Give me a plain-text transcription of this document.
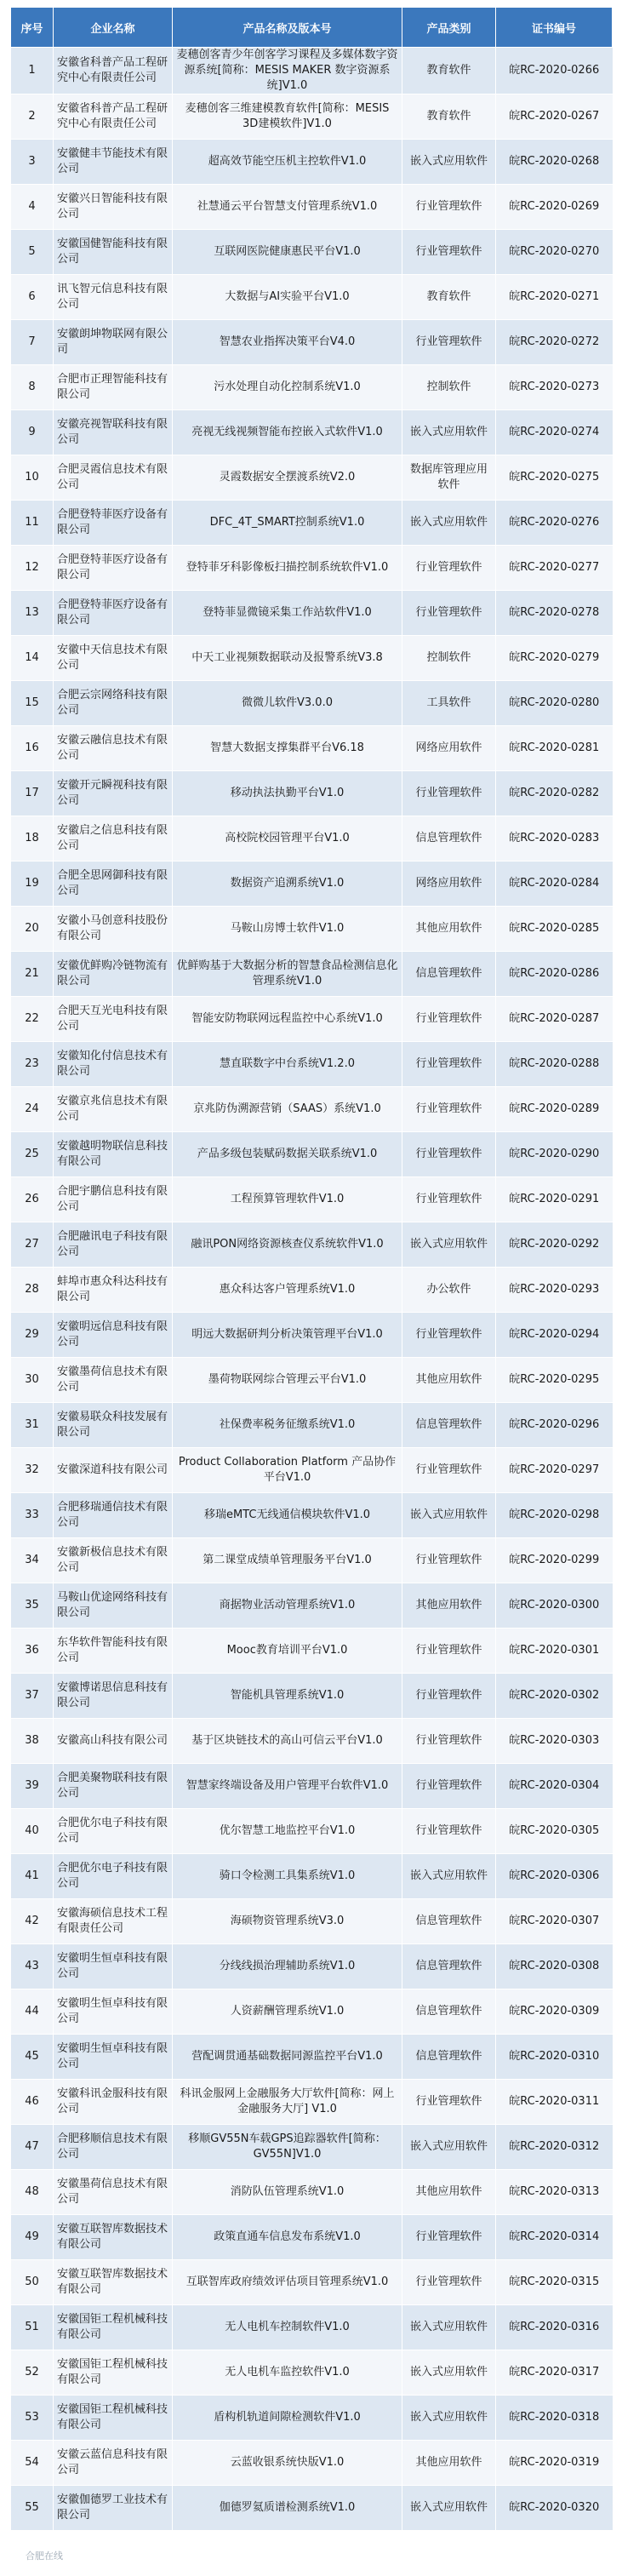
序号	企业名称	产品名称及版本号	产品类别	证书编号
1	安徽省科普产品工程研究中心有限责任公司	麦穗创客青少年创客学习课程及多媒体数字资源系统[简称：MESIS MAKER 数字资源系统]V1.0	教育软件	皖RC-2020-0266
2	安徽省科普产品工程研究中心有限责任公司	麦穗创客三维建模教育软件[简称：MESIS 3D建模软件]V1.0	教育软件	皖RC-2020-0267
3	安徽健丰节能技术有限公司	超高效节能空压机主控软件V1.0	嵌入式应用软件	皖RC-2020-0268
4	安徽兴日智能科技有限公司	社慧通云平台智慧支付管理系统V1.0	行业管理软件	皖RC-2020-0269
5	安徽国健智能科技有限公司	互联网医院健康惠民平台V1.0	行业管理软件	皖RC-2020-0270
6	讯飞智元信息科技有限公司	大数据与AI实验平台V1.0	教育软件	皖RC-2020-0271
7	安徽朗坤物联网有限公司	智慧农业指挥决策平台V4.0	行业管理软件	皖RC-2020-0272
8	合肥市正理智能科技有限公司	污水处理自动化控制系统V1.0	控制软件	皖RC-2020-0273
9	安徽亮视智联科技有限公司	亮视无线视频智能布控嵌入式软件V1.0	嵌入式应用软件	皖RC-2020-0274
10	合肥灵霞信息技术有限公司	灵霞数据安全摆渡系统V2.0	数据库管理应用软件	皖RC-2020-0275
11	合肥登特菲医疗设备有限公司	DFC_4T_SMART控制系统V1.0	嵌入式应用软件	皖RC-2020-0276
12	合肥登特菲医疗设备有限公司	登特菲牙科影像板扫描控制系统软件V1.0	行业管理软件	皖RC-2020-0277
13	合肥登特菲医疗设备有限公司	登特菲显微镜采集工作站软件V1.0	行业管理软件	皖RC-2020-0278
14	安徽中天信息技术有限公司	中天工业视频数据联动及报警系统V3.8	控制软件	皖RC-2020-0279
15	合肥云宗网络科技有限公司	微微儿软件V3.0.0	工具软件	皖RC-2020-0280
16	安徽云融信息技术有限公司	智慧大数据支撑集群平台V6.18	网络应用软件	皖RC-2020-0281
17	安徽开元瞬视科技有限公司	移动执法执勤平台V1.0	行业管理软件	皖RC-2020-0282
18	安徽启之信息科技有限公司	高校院校园管理平台V1.0	信息管理软件	皖RC-2020-0283
19	合肥全思网御科技有限公司	数据资产追溯系统V1.0	网络应用软件	皖RC-2020-0284
20	安徽小马创意科技股份有限公司	马鞍山房博士软件V1.0	其他应用软件	皖RC-2020-0285
21	安徽优鲜购冷链物流有限公司	优鲜购基于大数据分析的智慧食品检测信息化管理系统V1.0	信息管理软件	皖RC-2020-0286
22	合肥天互光电科技有限公司	智能安防物联网远程监控中心系统V1.0	行业管理软件	皖RC-2020-0287
23	安徽知化付信息技术有限公司	慧直联数字中台系统V1.2.0	行业管理软件	皖RC-2020-0288
24	安徽京兆信息技术有限公司	京兆防伪溯源营销（SAAS）系统V1.0	行业管理软件	皖RC-2020-0289
25	安徽越明物联信息科技有限公司	产品多级包装赋码数据关联系统V1.0	行业管理软件	皖RC-2020-0290
26	合肥宇鹏信息科技有限公司	工程预算管理软件V1.0	行业管理软件	皖RC-2020-0291
27	合肥融讯电子科技有限公司	融讯PON网络资源核查仪系统软件V1.0	嵌入式应用软件	皖RC-2020-0292
28	蚌埠市惠众科达科技有限公司	惠众科达客户管理系统V1.0	办公软件	皖RC-2020-0293
29	安徽明远信息科技有限公司	明远大数据研判分析决策管理平台V1.0	行业管理软件	皖RC-2020-0294
30	安徽墨荷信息技术有限公司	墨荷物联网综合管理云平台V1.0	其他应用软件	皖RC-2020-0295
31	安徽易联众科技发展有限公司	社保费率税务征缴系统V1.0	信息管理软件	皖RC-2020-0296
32	安徽深道科技有限公司	Product Collaboration Platform 产品协作平台V1.0	行业管理软件	皖RC-2020-0297
33	合肥移瑞通信技术有限公司	移瑞eMTC无线通信模块软件V1.0	嵌入式应用软件	皖RC-2020-0298
34	安徽新极信息技术有限公司	第二课堂成绩单管理服务平台V1.0	行业管理软件	皖RC-2020-0299
35	马鞍山优途网络科技有限公司	商据物业活动管理系统V1.0	其他应用软件	皖RC-2020-0300
36	东华软件智能科技有限公司	Mooc教育培训平台V1.0	行业管理软件	皖RC-2020-0301
37	安徽博诺思信息科技有限公司	智能机具管理系统V1.0	行业管理软件	皖RC-2020-0302
38	安徽高山科技有限公司	基于区块链技术的高山可信云平台V1.0	行业管理软件	皖RC-2020-0303
39	合肥美聚物联科技有限公司	智慧家终端设备及用户管理平台软件V1.0	行业管理软件	皖RC-2020-0304
40	合肥优尔电子科技有限公司	优尔智慧工地监控平台V1.0	行业管理软件	皖RC-2020-0305
41	合肥优尔电子科技有限公司	骑口令检测工具集系统V1.0	嵌入式应用软件	皖RC-2020-0306
42	安徽海硕信息技术工程有限责任公司	海硕物资管理系统V3.0	信息管理软件	皖RC-2020-0307
43	安徽明生恒卓科技有限公司	分线线损治理辅助系统V1.0	信息管理软件	皖RC-2020-0308
44	安徽明生恒卓科技有限公司	人资薪酬管理系统V1.0	信息管理软件	皖RC-2020-0309
45	安徽明生恒卓科技有限公司	营配调贯通基础数据同源监控平台V1.0	信息管理软件	皖RC-2020-0310
46	安徽科讯金服科技有限公司	科讯金服网上金融服务大厅软件[简称：网上金融服务大厅] V1.0	行业管理软件	皖RC-2020-0311
47	合肥移顺信息技术有限公司	移顺GV55N车载GPS追踪器软件[简称：GV55N]V1.0	嵌入式应用软件	皖RC-2020-0312
48	安徽墨荷信息技术有限公司	消防队伍管理系统V1.0	其他应用软件	皖RC-2020-0313
49	安徽互联智库数据技术有限公司	政策直通车信息发布系统V1.0	行业管理软件	皖RC-2020-0314
50	安徽互联智库数据技术有限公司	互联智库政府绩效评估项目管理系统V1.0	行业管理软件	皖RC-2020-0315
51	安徽国钜工程机械科技有限公司	无人电机车控制软件V1.0	嵌入式应用软件	皖RC-2020-0316
52	安徽国钜工程机械科技有限公司	无人电机车监控软件V1.0	嵌入式应用软件	皖RC-2020-0317
53	安徽国钜工程机械科技有限公司	盾构机轨道间隙检测软件V1.0	嵌入式应用软件	皖RC-2020-0318
54	安徽云蓝信息科技有限公司	云蓝收银系统快版V1.0	其他应用软件	皖RC-2020-0319
55	安徽伽德罗工业技术有限公司	伽德罗氦质谱检测系统V1.0	嵌入式应用软件	皖RC-2020-0320
合肥在线
